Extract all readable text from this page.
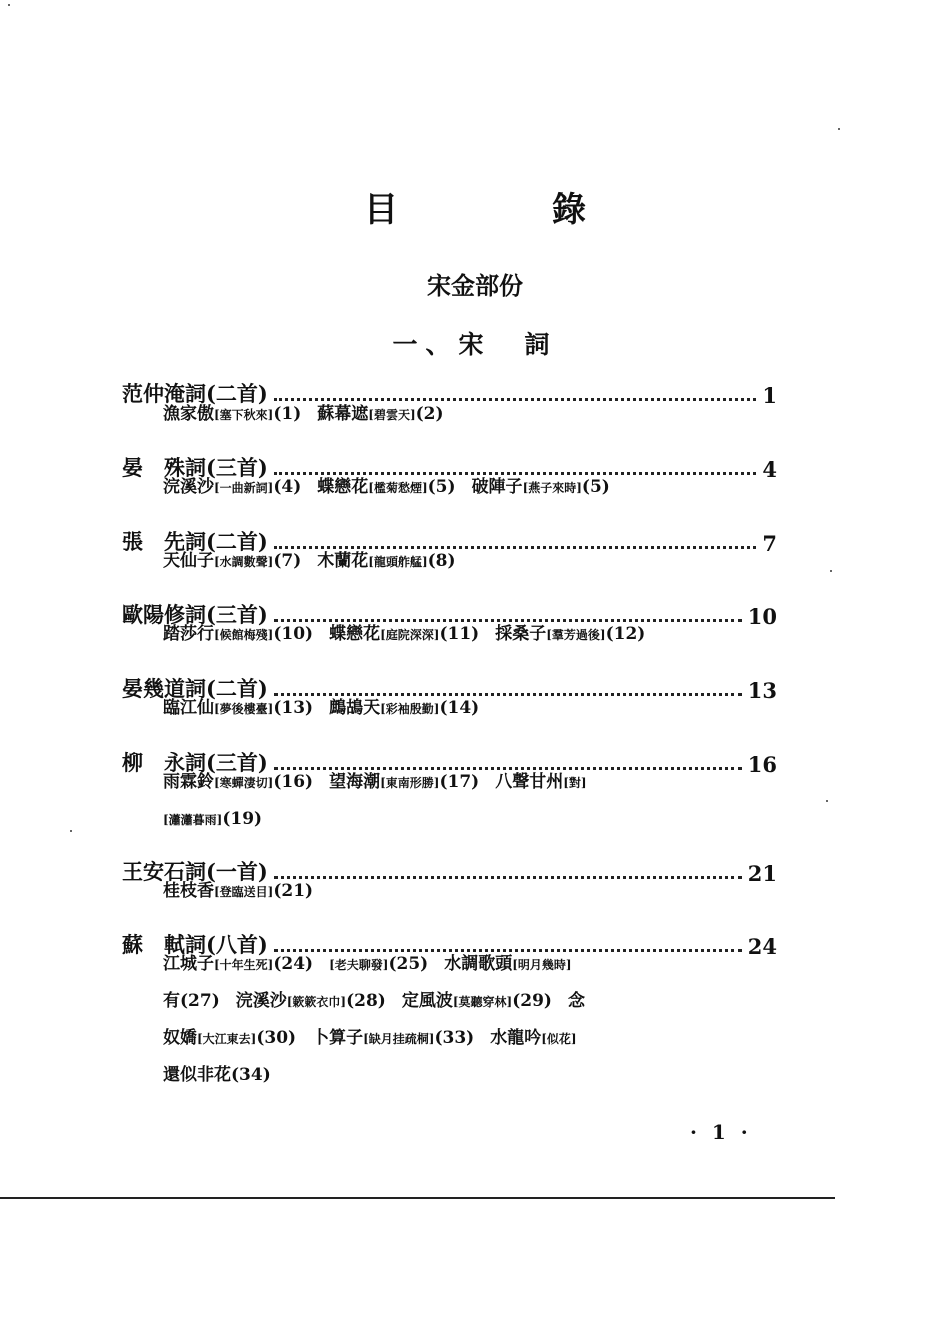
目　錄
宋金部份
一、宋　詞
范仲淹詞(二首)	1
漁家傲[塞下秋來](1) 蘇幕遮[碧雲天](2)
晏　殊詞(三首)	4
浣溪沙[一曲新詞](4) 蝶戀花[檻菊愁煙](5) 破陣子[燕子來時](5)
張　先詞(二首)	7
天仙子[水調數聲](7) 木蘭花[龍頭舴艋](8)
歐陽修詞(三首)	10
踏莎行[候館梅殘](10) 蝶戀花[庭院深深](11) 採桑子[羣芳過後](12)
晏幾道詞(二首)	13
臨江仙[夢後樓臺](13) 鷓鴣天[彩袖殷勤](14)
柳　永詞(三首)	16
雨霖鈴[寒蟬淒切](16) 望海潮[東南形勝](17) 八聲甘州[對]
[瀟瀟暮雨](19)
王安石詞(一首)	21
桂枝香[登臨送目](21)
蘇　軾詞(八首)	24
江城子[十年生死](24) [老夫聊發](25) 水調歌頭[明月幾時]
有(27) 浣溪沙[簌簌衣巾](28) 定風波[莫聽穿林](29) 念
奴嬌[大江東去](30) 卜算子[缺月挂疏桐](33) 水龍吟[似花]
還似非花(34)
· 1 ·
